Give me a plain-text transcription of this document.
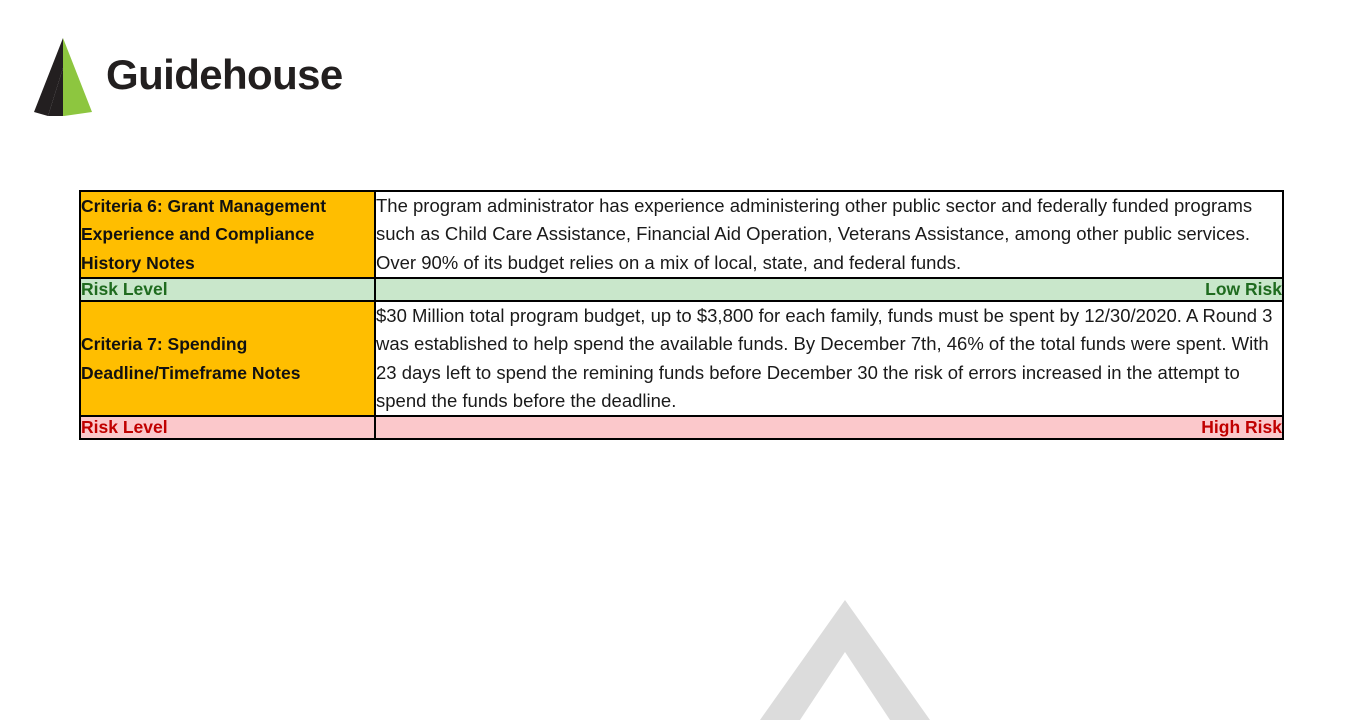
Guidehouse
Criteria 6: Grant Management Experience and Compliance History Notes	The program administrator has experience administering other public sector and federally funded programs such as Child Care Assistance, Financial Aid Operation, Veterans Assistance, among other public services. Over 90% of its budget relies on a mix of local, state, and federal funds.
Risk Level	Low Risk
Criteria 7: Spending Deadline/Timeframe Notes	$30 Million total program budget, up to $3,800 for each family, funds must be spent by 12/30/2020. A Round 3 was established to help spend the available funds. By December 7th, 46% of the total funds were spent. With 23 days left to spend the remining funds before December 30 the risk of errors increased in the attempt to spend the funds before the deadline.
Risk Level	High Risk
